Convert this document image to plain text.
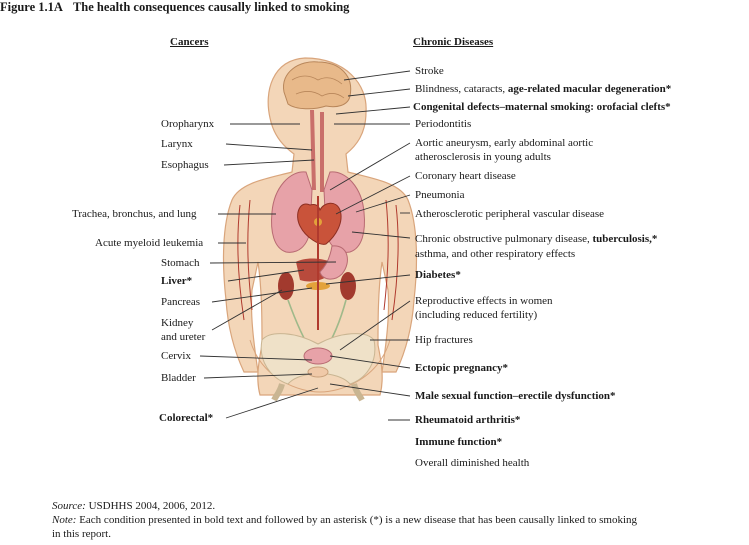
Figure 1.1A The health consequences causally linked to smoking
Cancers	Chronic Diseases
Oropharynx
Larynx
Esophagus
Trachea, bronchus, and lung
Acute myeloid leukemia
Stomach
Liver*
Pancreas
Kidney
and ureter
Cervix
Bladder
Colorectal*
Stroke
Blindness, cataracts, age-related macular degeneration*
Congenital defects–maternal smoking: orofacial clefts*
Periodontitis
Aortic aneurysm, early abdominal aortic
atherosclerosis in young adults
Coronary heart disease
Pneumonia
Atherosclerotic peripheral vascular disease
Chronic obstructive pulmonary disease, tuberculosis,*
asthma, and other respiratory effects
Diabetes*
Reproductive effects in women
(including reduced fertility)
Hip fractures
Ectopic pregnancy*
Male sexual function–erectile dysfunction*
Rheumatoid arthritis*
Immune function*
Overall diminished health
Source: USDHHS 2004, 2006, 2012.
Note: Each condition presented in bold text and followed by an asterisk (*) is a new disease that has been causally linked to smoking
in this report.
